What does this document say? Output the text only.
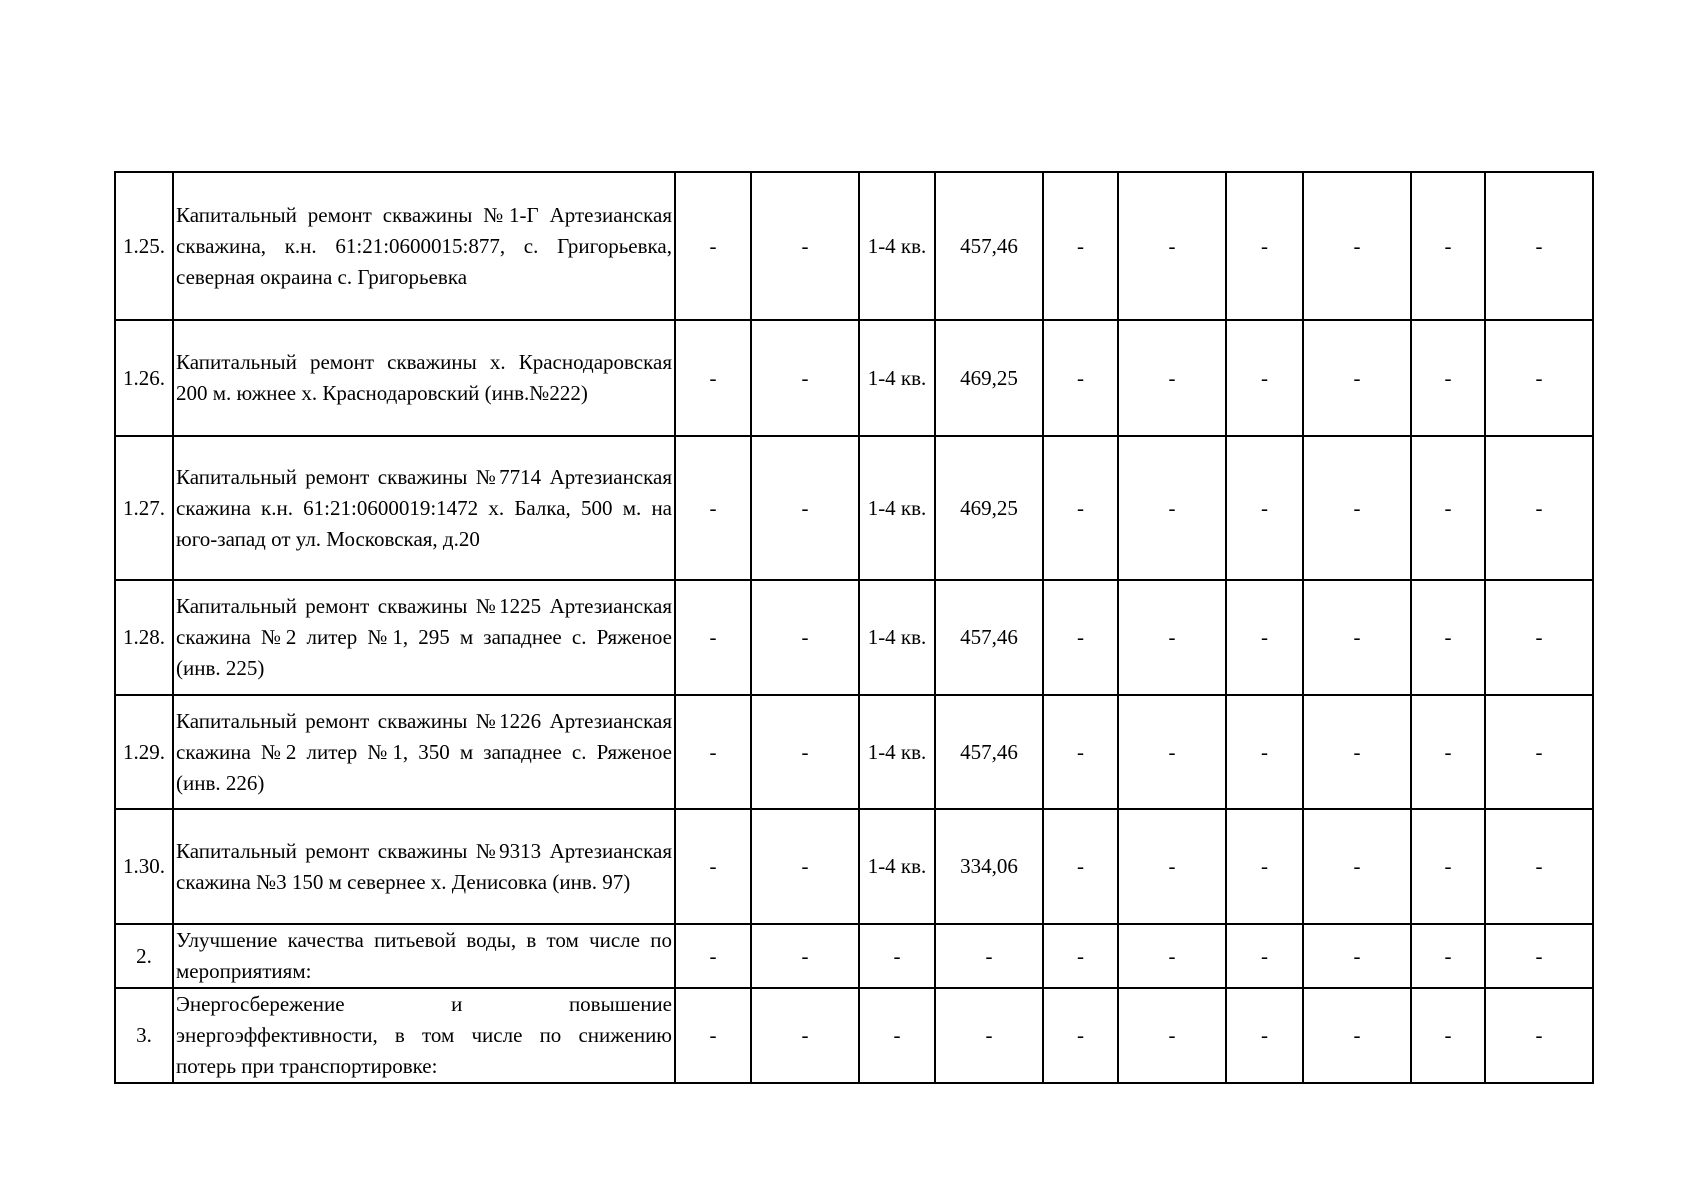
1.25.	Капитальный ремонт скважины №1-Г Артезианская скважина, к.н. 61:21:0600015:877, с. Григорьевка, северная окраина с. Григорьевка	-	-	1-4 кв.	457,46	-	-	-	-	-	-
1.26.	Капитальный ремонт скважины х. Краснодаровская 200 м. южнее х. Краснодаровский (инв.№222)	-	-	1-4 кв.	469,25	-	-	-	-	-	-
1.27.	Капитальный ремонт скважины №7714 Артезианская скажина к.н. 61:21:0600019:1472 х. Балка, 500 м. на юго-запад от ул. Московская, д.20	-	-	1-4 кв.	469,25	-	-	-	-	-	-
1.28.	Капитальный ремонт скважины №1225 Артезианская скажина №2 литер №1, 295 м западнее с. Ряженое (инв. 225)	-	-	1-4 кв.	457,46	-	-	-	-	-	-
1.29.	Капитальный ремонт скважины №1226 Артезианская скажина №2 литер №1, 350 м западнее с. Ряженое (инв. 226)	-	-	1-4 кв.	457,46	-	-	-	-	-	-
1.30.	Капитальный ремонт скважины №9313 Артезианская скажина №3 150 м севернее х. Денисовка (инв. 97)	-	-	1-4 кв.	334,06	-	-	-	-	-	-
2.	Улучшение качества питьевой воды, в том числе по мероприятиям:	-	-	-	-	-	-	-	-	-	-
3.	Энергосбережение и повышение энергоэффективности, в том числе по снижению потерь при транспортировке:	-	-	-	-	-	-	-	-	-	-
